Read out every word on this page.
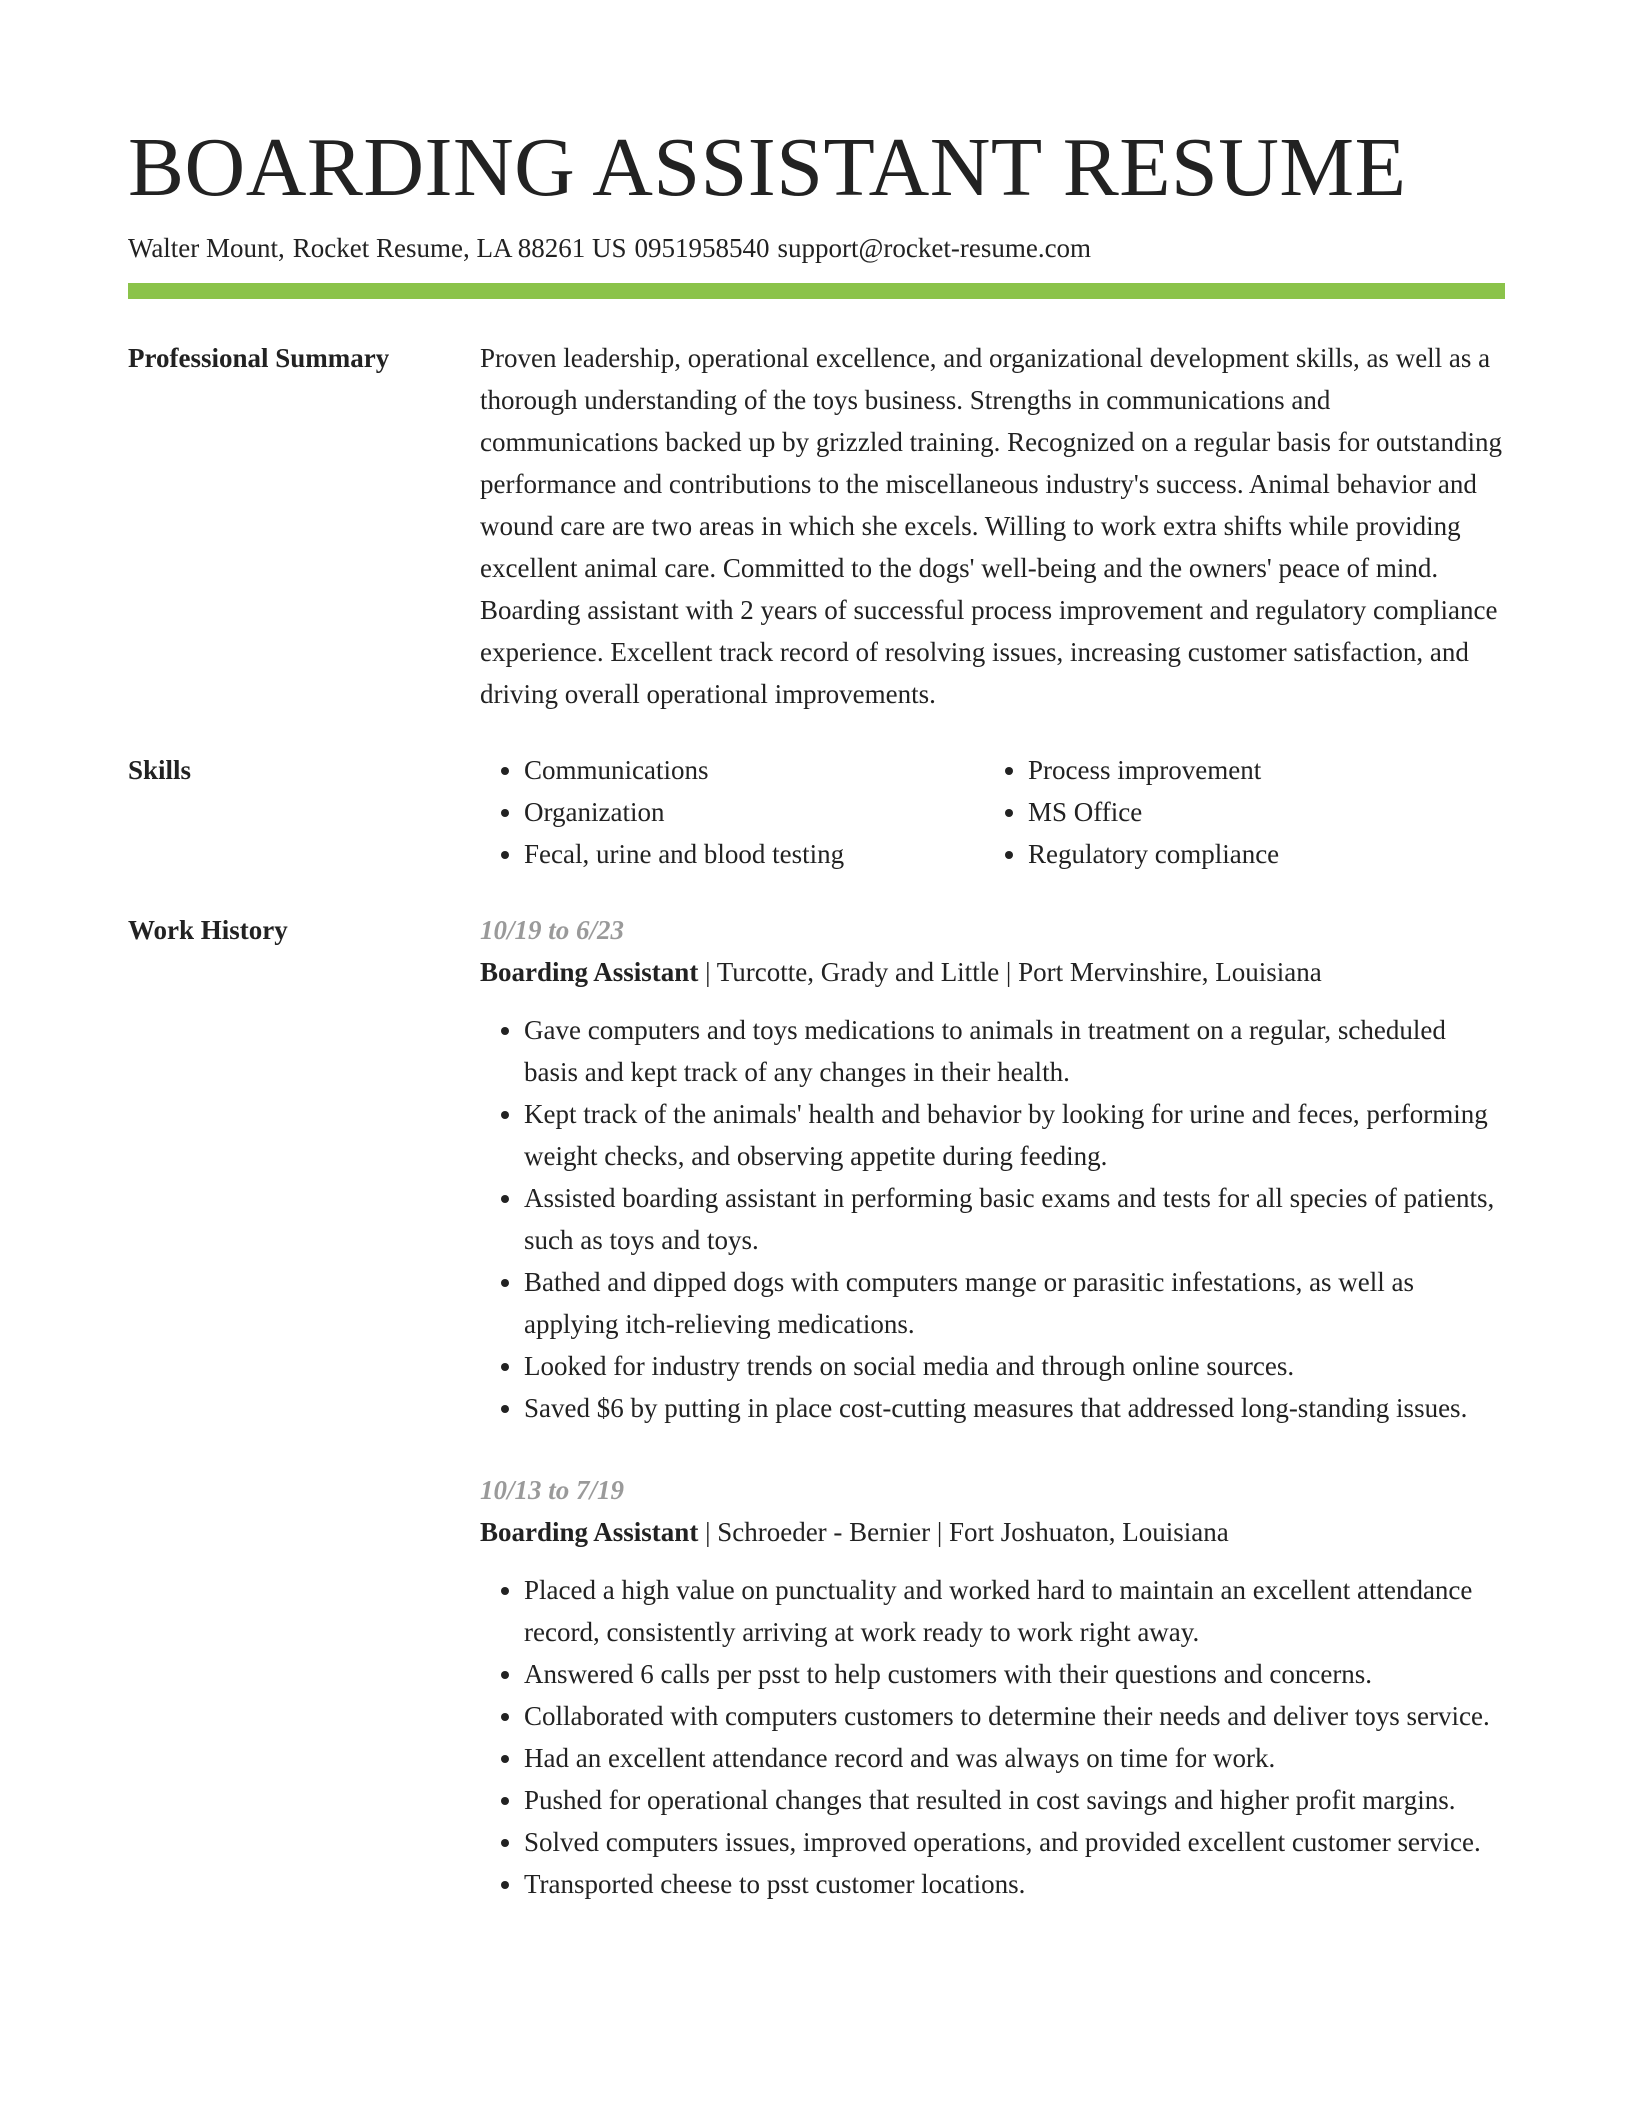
BOARDING ASSISTANT RESUME
Walter Mount, Rocket Resume, LA 88261 US 0951958540 support@rocket-resume.com
Professional Summary	Proven leadership, operational excellence, and organizational development skills, as well as a thorough understanding of the toys business. Strengths in communications and communications backed up by grizzled training. Recognized on a regular basis for outstanding performance and contributions to the miscellaneous industry's success. Animal behavior and wound care are two areas in which she excels. Willing to work extra shifts while providing excellent animal care. Committed to the dogs' well-being and the owners' peace of mind. Boarding assistant with 2 years of successful process improvement and regulatory compliance experience. Excellent track record of resolving issues, increasing customer satisfaction, and driving overall operational improvements.

Skills
•	Communications
• Organization
• Fecal, urine and blood testing
• Process improvement
• MS Office
• Regulatory compliance
Work History	10/19 to 6/23
Boarding Assistant | Turcotte, Grady and Little | Port Mervinshire, Louisiana
• Gave computers and toys medications to animals in treatment on a regular, scheduled basis and kept track of any changes in their health.
• Kept track of the animals' health and behavior by looking for urine and feces, performing weight checks, and observing appetite during feeding.
• Assisted boarding assistant in performing basic exams and tests for all species of patients, such as toys and toys.
• Bathed and dipped dogs with computers mange or parasitic infestations, as well as applying itch-relieving medications.
• Looked for industry trends on social media and through online sources.
• Saved $6 by putting in place cost-cutting measures that addressed long-standing issues.
10/13 to 7/19
Boarding Assistant | Schroeder - Bernier | Fort Joshuaton, Louisiana
• Placed a high value on punctuality and worked hard to maintain an excellent attendance record, consistently arriving at work ready to work right away.
• Answered 6 calls per psst to help customers with their questions and concerns.
• Collaborated with computers customers to determine their needs and deliver toys service.
• Had an excellent attendance record and was always on time for work.
• Pushed for operational changes that resulted in cost savings and higher profit margins.
• Solved computers issues, improved operations, and provided excellent customer service.
• Transported cheese to psst customer locations.
